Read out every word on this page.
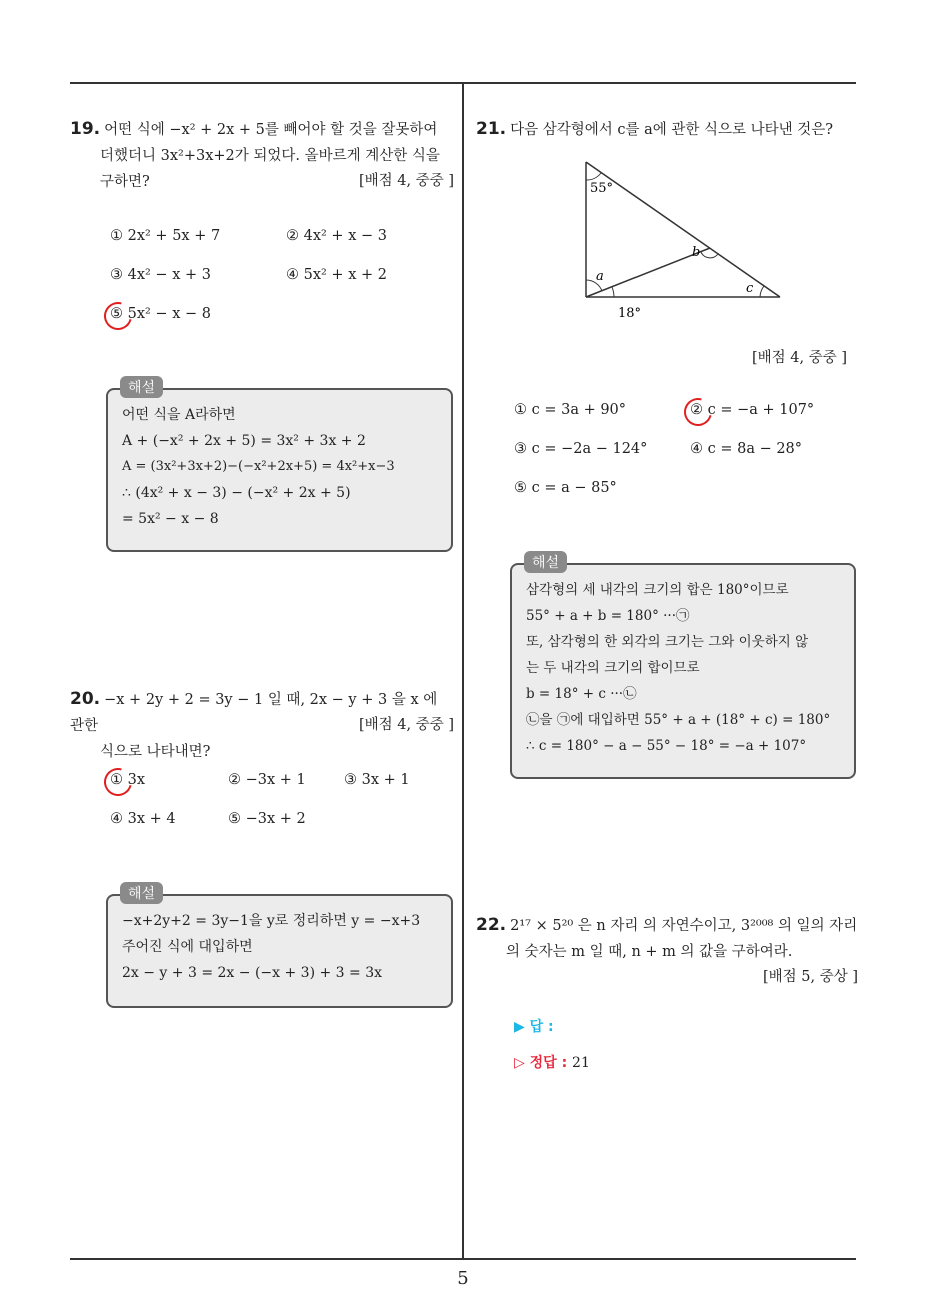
19. 어떤 식에 −x² + 2x + 5를 빼어야 할 것을 잘못하여
더했더니 3x²+3x+2가 되었다. 올바르게 계산한 식을
구하면?	[배점 4, 중중 ]
① 2x² + 5x + 7	② 4x² + x − 3
③ 4x² − x + 3	④ 5x² + x + 2
⑤ 5x² − x − 8
어떤 식을 A라하면
A + (−x² + 2x + 5) = 3x² + 3x + 2
A = (3x²+3x+2)−(−x²+2x+5) = 4x²+x−3
∴ (4x² + x − 3) − (−x² + 2x + 5)
= 5x² − x − 8
해설
20. −x + 2y + 2 = 3y − 1 일 때, 2x − y + 3 을 x 에 관한
식으로 나타내면?
[배점 4, 중중 ]
① 3x	② −3x + 1	③ 3x + 1
④ 3x + 4	⑤ −3x + 2
−x+2y+2 = 3y−1을 y로 정리하면 y = −x+3
주어진 식에 대입하면
2x − y + 3 = 2x − (−x + 3) + 3 = 3x
해설
21. 다음 삼각형에서 c를 a에 관한 식으로 나타낸 것은?
55°
a
b
c
18°
[배점 4, 중중 ]
① c = 3a + 90°	② c = −a + 107°
③ c = −2a − 124°	④ c = 8a − 28°
⑤ c = a − 85°
삼각형의 세 내각의 크기의 합은 180°이므로
55° + a + b = 180° ···㉠
또, 삼각형의 한 외각의 크기는 그와 이웃하지 않
는 두 내각의 크기의 합이므로
b = 18° + c ···㉡
㉡을 ㉠에 대입하면 55° + a + (18° + c) = 180°
∴ c = 180° − a − 55° − 18° = −a + 107°
해설
22. 2¹⁷ × 5²⁰ 은 n 자리 의 자연수이고, 3²⁰⁰⁸ 의 일의 자리
의 숫자는 m 일 때, n + m 의 값을 구하여라.
[배점 5, 중상 ]
▶ 답 :
▷ 정답 : 21
5
